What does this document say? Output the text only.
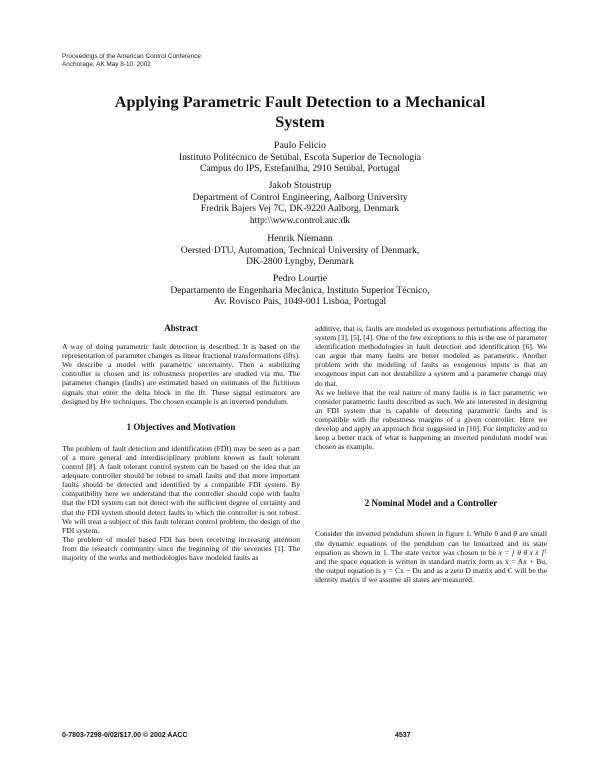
Proceedings of the American Control Conference
Anchorage, AK May 8-10, 2002
Applying Parametric Fault Detection to a Mechanical
System
Paulo Felício
Instituto Politécnico de Setúbal, Escola Superior de Tecnologia
Campus do IPS, Estefanilha, 2910 Setúbal, Portugal
Jakob Stoustrup
Department of Control Engineering, Aalborg University
Fredrik Bajers Vej 7C, DK-9220 Aalborg, Denmark
http:\\www.control.auc.dk
Henrik Niemann
Oersted·DTU, Automation, Technical University of Denmark,
DK-2800 Lyngby, Denmark
Pedro Lourtie
Departamento de Engenharia Mecânica, Instituto Superior Técnico,
Av. Rovisco Pais, 1049-001 Lisboa, Portugal
Abstract

A way of doing parametric fault detection is described. It is based on the representation of parameter changes as linear fractional transformations (lfts). We describe a model with parametric uncertainty. Then a stabilizing controller is chosen and its robustness properties are studied via mu. The parameter changes (faults) are estimated based on estimates of the fictitious signals that enter the delta block in the lft. These signal estimators are designed by H∞ techniques. The chosen example is an inverted pendulum.

1 Objectives and Motivation

The problem of fault detection and identification (FDI) may be seen as a part of a more general and interdisciplinary problem known as fault tolerant control [8]. A fault tolerant control system can be based on the idea that an adequate controller should be robust to small faults and that more important faults should be detected and identified by a compatible FDI system. By compatibility here we understand that the controller should cope with faults that the FDI system can not detect with the sufficient degree of certainty and that the FDI system should detect faults to which the controller is not robust. We will treat a subject of this fault tolerant control problem, the design of the FDI system.

The problem of model based FDI has been receiving increasing attention from the research community since the beginning of the seventies [1]. The majority of the works and methodologies have modeled faults as

additive, that is, faults are modeled as exogenous perturbations affecting the system [3], [5], [4]. One of the few exceptions to this is the use of parameter identification methodologies in fault detection and identification [6]. We can argue that many faults are better modeled as parametric. Another problem with the modeling of faults as exogenous inputs is that an exogenous input can not destabilize a system and a parameter change may do that.

As we believe that the real nature of many faults is in fact parametric we consider parametric faults described as such. We are interested in designing an FDI system that is capable of detecting parametric faults and is compatible with the robustness margins of a given controller. Here we develop and apply an approach first suggested in [10]. For simplicity and to keep a better track of what is happening an inverted pendulum model was chosen as example.

2 Nominal Model and a Controller

Consider the inverted pendulum shown in figure 1. While θ and θ̇ are small the dynamic equations of the pendulum can be linearized and its state equation as shown in 1. The state vector was chosen to be x = [ θ θ̇ x ẋ ]ᵀ and the space equation is written in standard matrix form as ẋ = Ax + Bu, the output equation is y = Cx − Du and as a zero D matrix and C will be the identity matrix if we assume all states are measured.

0-7803-7298-0/02/$17.00 © 2002 AACC	4537
